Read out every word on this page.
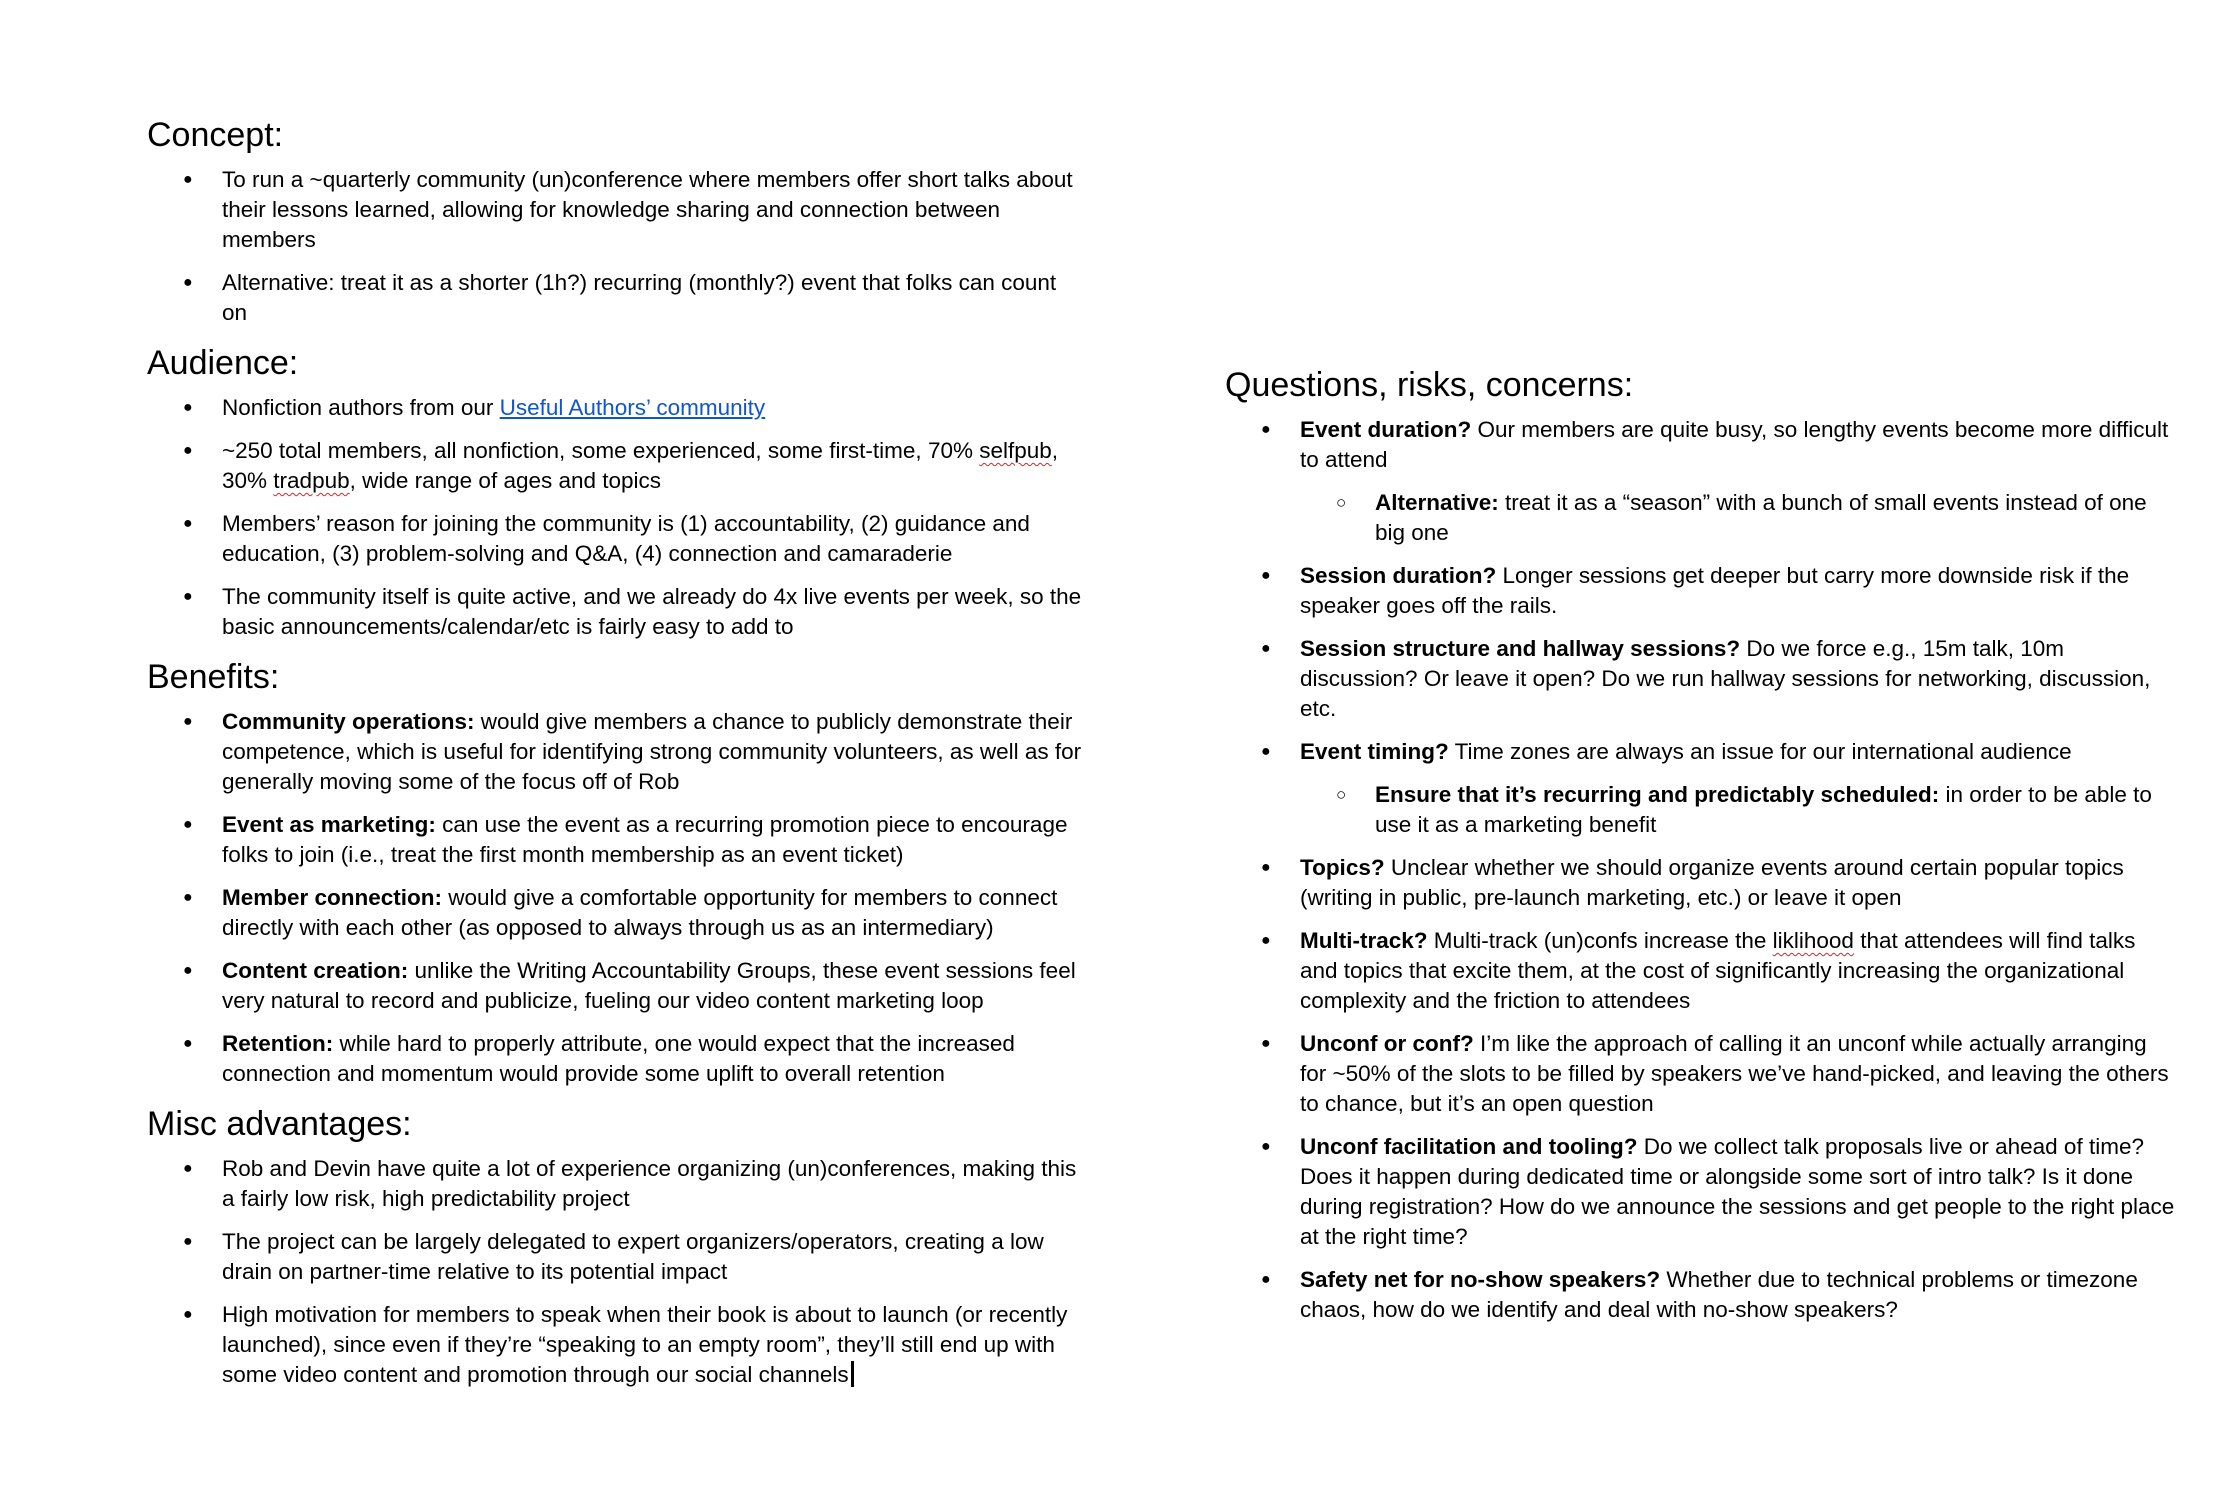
Concept:
● To run a ~quarterly community (un)conference where members offer short talks about their lessons learned, allowing for knowledge sharing and connection between members
● Alternative: treat it as a shorter (1h?) recurring (monthly?) event that folks can count on
Audience:
● Nonfiction authors from our Useful Authors’ community
● ~250 total members, all nonfiction, some experienced, some first-time, 70% selfpub, 30% tradpub, wide range of ages and topics
● Members’ reason for joining the community is (1) accountability, (2) guidance and education, (3) problem-solving and Q&A, (4) connection and camaraderie
● The community itself is quite active, and we already do 4x live events per week, so the basic announcements/calendar/etc is fairly easy to add to
Benefits:
● Community operations: would give members a chance to publicly demonstrate their competence, which is useful for identifying strong community volunteers, as well as for generally moving some of the focus off of Rob
● Event as marketing: can use the event as a recurring promotion piece to encourage folks to join (i.e., treat the first month membership as an event ticket)
● Member connection: would give a comfortable opportunity for members to connect directly with each other (as opposed to always through us as an intermediary)
● Content creation: unlike the Writing Accountability Groups, these event sessions feel very natural to record and publicize, fueling our video content marketing loop
● Retention: while hard to properly attribute, one would expect that the increased connection and momentum would provide some uplift to overall retention
Misc advantages:
● Rob and Devin have quite a lot of experience organizing (un)conferences, making this a fairly low risk, high predictability project
● The project can be largely delegated to expert organizers/operators, creating a low drain on partner-time relative to its potential impact
● High motivation for members to speak when their book is about to launch (or recently launched), since even if they’re “speaking to an empty room”, they’ll still end up with some video content and promotion through our social channels
Questions, risks, concerns:
● Event duration? Our members are quite busy, so lengthy events become more difficult to attend
○ Alternative: treat it as a “season” with a bunch of small events instead of one big one
● Session duration? Longer sessions get deeper but carry more downside risk if the speaker goes off the rails.
● Session structure and hallway sessions? Do we force e.g., 15m talk, 10m discussion? Or leave it open? Do we run hallway sessions for networking, discussion, etc.
● Event timing? Time zones are always an issue for our international audience
○ Ensure that it’s recurring and predictably scheduled: in order to be able to use it as a marketing benefit
● Topics? Unclear whether we should organize events around certain popular topics (writing in public, pre-launch marketing, etc.) or leave it open
● Multi-track? Multi-track (un)confs increase the liklihood that attendees will find talks and topics that excite them, at the cost of significantly increasing the organizational complexity and the friction to attendees
● Unconf or conf? I’m like the approach of calling it an unconf while actually arranging for ~50% of the slots to be filled by speakers we’ve hand-picked, and leaving the others to chance, but it’s an open question
● Unconf facilitation and tooling? Do we collect talk proposals live or ahead of time? Does it happen during dedicated time or alongside some sort of intro talk? Is it done during registration? How do we announce the sessions and get people to the right place at the right time?
● Safety net for no-show speakers? Whether due to technical problems or timezone chaos, how do we identify and deal with no-show speakers?
